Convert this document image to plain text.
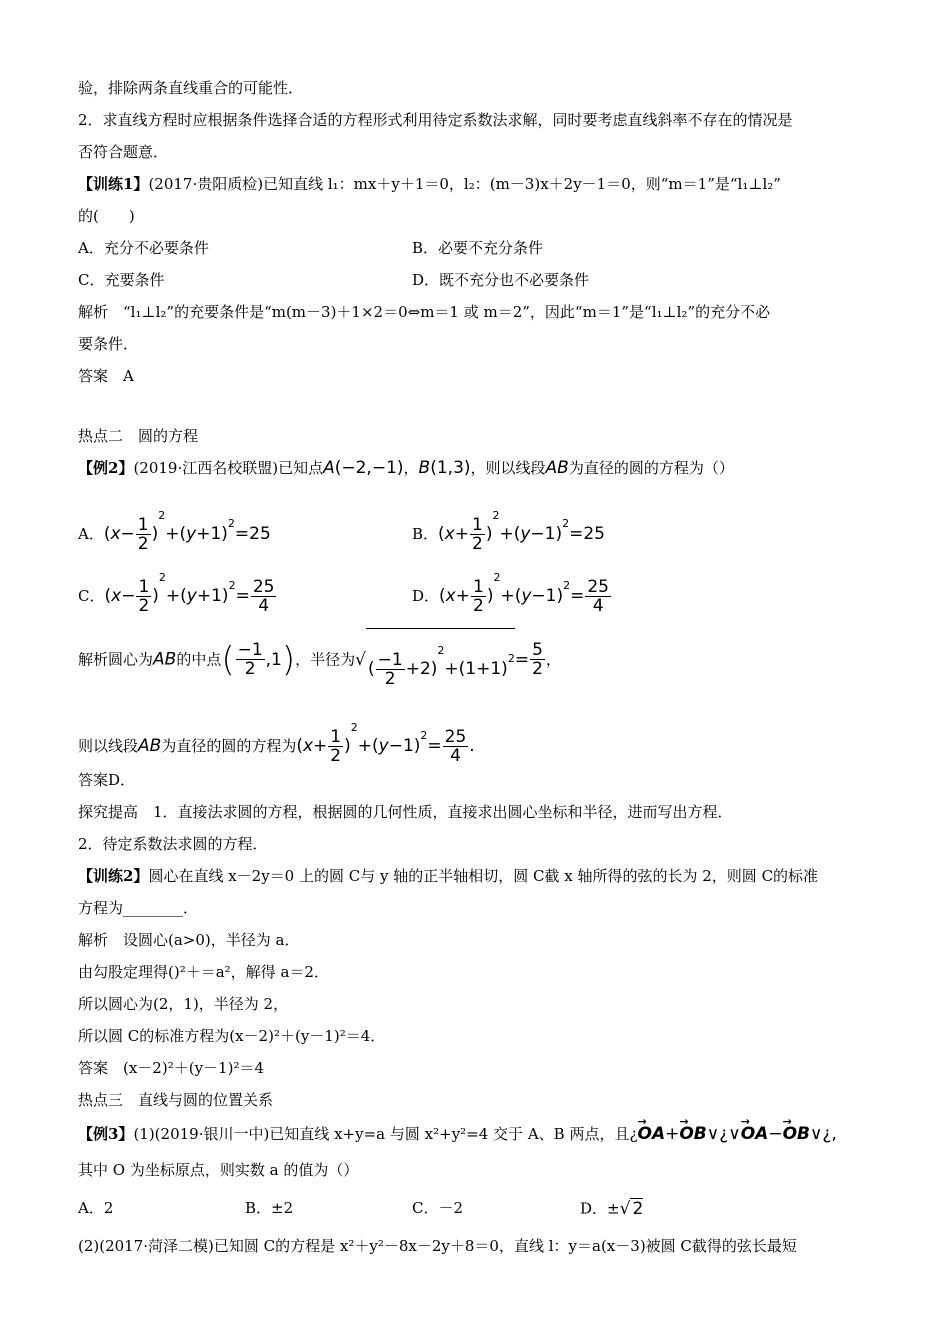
验，排除两条直线重合的可能性．
2．求直线方程时应根据条件选择合适的方程形式利用待定系数法求解，同时要考虑直线斜率不存在的情况是
否符合题意．
【训练1】(2017·贵阳质检)已知直线 l₁：mx＋y＋1＝0，l₂：(m－3)x＋2y－1＝0，则“m＝1”是“l₁⊥l₂”
的(　　)
A．充分不必要条件	B．必要不充分条件
C．充要条件	D．既不充分也不必要条件
解析　“l₁⊥l₂”的充要条件是“m(m－3)＋1×2＝0⇔m＝1 或 m＝2”，因此“m＝1”是“l₁⊥l₂”的充分不必
要条件．
答案　A
热点二　圆的方程
【例2】(2019·江西名校联盟)已知点A(−2,−1)，B(1,3)，则以线段AB为直径的圆的方程为（）
A．$(x- \frac{1}{2} )^2+(y+1)^2=25$	B．$(x+ \frac{1}{2} )^2+(y-1)^2=25$
C．$(x- \frac{1}{2} )^2+(y+1)^2= \frac{25}{4}$	D．$(x+ \frac{1}{2} )^2+(y-1)^2= \frac{25}{4}$
解析圆心为AB的中点( $\frac{-1}{2} ,1$)，半径为√ ( $\frac{-1}{2} +2)^2+(1+1)^2= \frac{5}{2}$ ，
则以线段AB为直径的圆的方程为$(x+ \frac{1}{2} )^2+(y-1)^2= \frac{25}{4}$ .
答案D．
探究提高　1．直接法求圆的方程，根据圆的几何性质，直接求出圆心坐标和半径，进而写出方程．
2．待定系数法求圆的方程．
【训练2】圆心在直线 x－2y＝0 上的圆 C与 y 轴的正半轴相切，圆 C截 x 轴所得的弦的长为 2，则圆 C的标准
方程为________．
解析　设圆心(a>0)，半径为 a．
由勾股定理得()²＋＝a²，解得 a＝2．
所以圆心为(2，1)，半径为 2，
所以圆 C的标准方程为(x－2)²＋(y－1)²＝4．
答案　(x－2)²＋(y－1)²＝4
热点三　直线与圆的位置关系
【例3】(1)(2019·银川一中)已知直线 x+y=a 与圆 x²+y²=4 交于 A、B 两点，且¿→ OA+→ OB∨¿∨→ OA−→ OB∨¿,
其中 O 为坐标原点，则实数 a 的值为（）
A．2	B．±2	C．－2	D．±√ 2
(2)(2017·菏泽二模)已知圆 C的方程是 x²＋y²－8x－2y＋8＝0，直线 l：y＝a(x－3)被圆 C截得的弦长最短
